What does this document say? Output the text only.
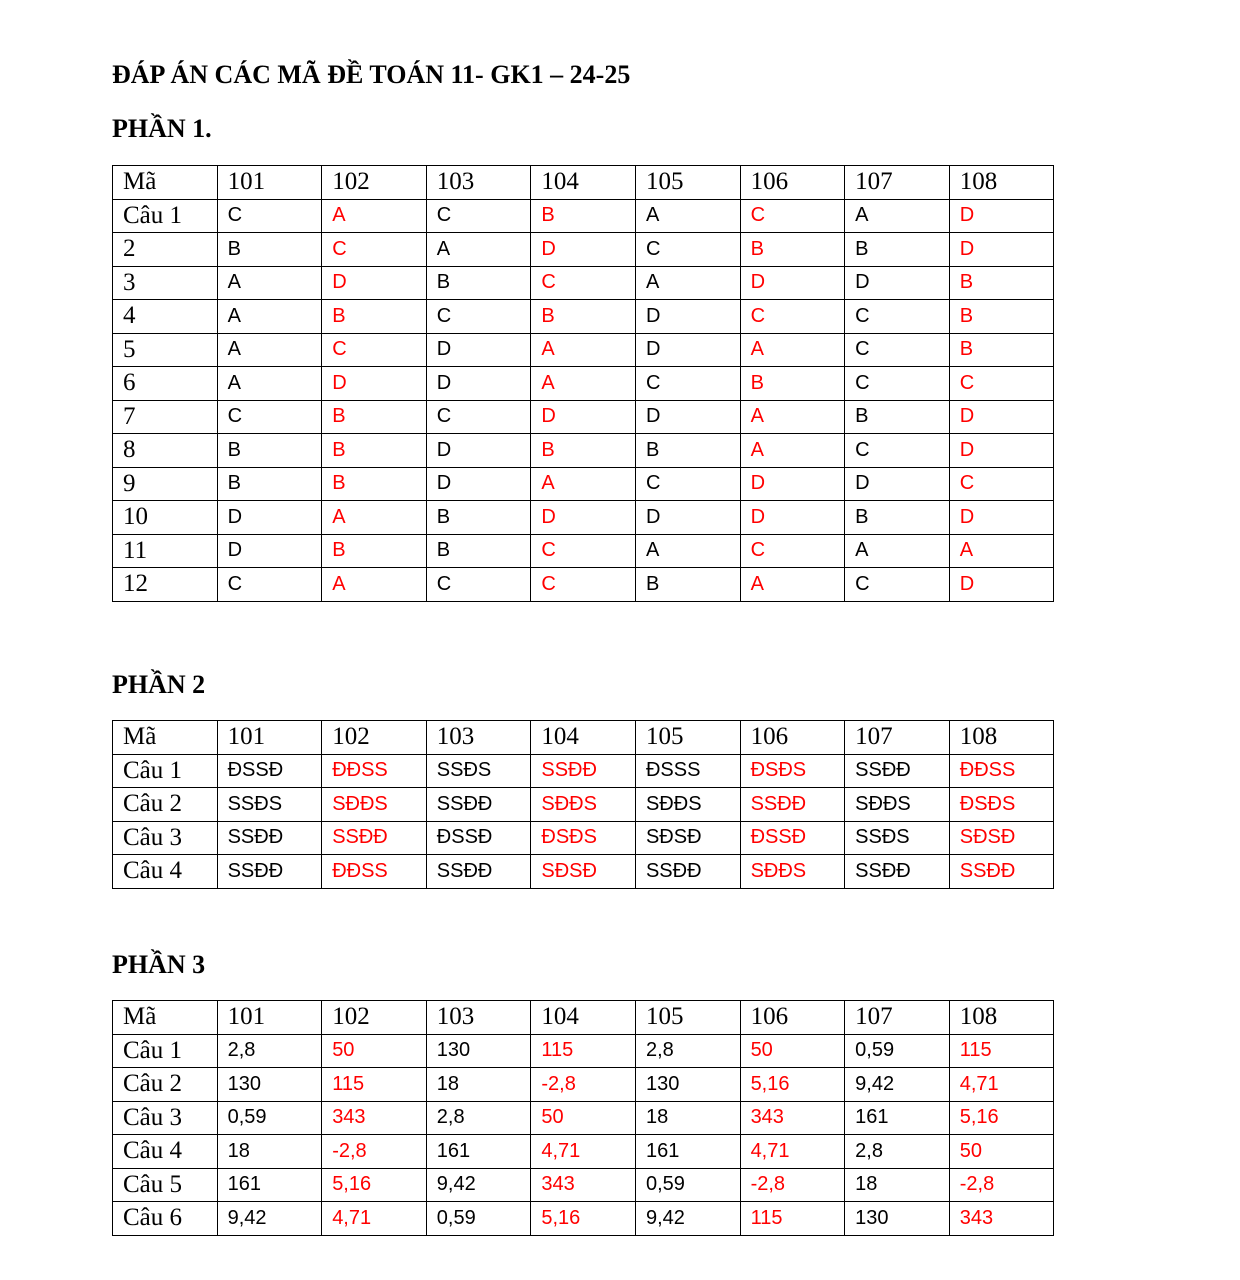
ĐÁP ÁN CÁC MÃ ĐỀ TOÁN 11- GK1 – 24-25
PHẦN 1.
Mã	101	102	103	104	105	106	107	108
Câu 1	C	A	C	B	A	C	A	D
2	B	C	A	D	C	B	B	D
3	A	D	B	C	A	D	D	B
4	A	B	C	B	D	C	C	B
5	A	C	D	A	D	A	C	B
6	A	D	D	A	C	B	C	C
7	C	B	C	D	D	A	B	D
8	B	B	D	B	B	A	C	D
9	B	B	D	A	C	D	D	C
10	D	A	B	D	D	D	B	D
11	D	B	B	C	A	C	A	A
12	C	A	C	C	B	A	C	D
PHẦN 2
Mã	101	102	103	104	105	106	107	108
Câu 1	ĐSSĐ	ĐĐSS	SSĐS	SSĐĐ	ĐSSS	ĐSĐS	SSĐĐ	ĐĐSS
Câu 2	SSĐS	SĐĐS	SSĐĐ	SĐĐS	SĐĐS	SSĐĐ	SĐĐS	ĐSĐS
Câu 3	SSĐĐ	SSĐĐ	ĐSSĐ	ĐSĐS	SĐSĐ	ĐSSĐ	SSĐS	SĐSĐ
Câu 4	SSĐĐ	ĐĐSS	SSĐĐ	SĐSĐ	SSĐĐ	SĐĐS	SSĐĐ	SSĐĐ
PHẦN 3
Mã	101	102	103	104	105	106	107	108
Câu 1	2,8	50	130	115	2,8	50	0,59	115
Câu 2	130	115	18	-2,8	130	5,16	9,42	4,71
Câu 3	0,59	343	2,8	50	18	343	161	5,16
Câu 4	18	-2,8	161	4,71	161	4,71	2,8	50
Câu 5	161	5,16	9,42	343	0,59	-2,8	18	-2,8
Câu 6	9,42	4,71	0,59	5,16	9,42	115	130	343
